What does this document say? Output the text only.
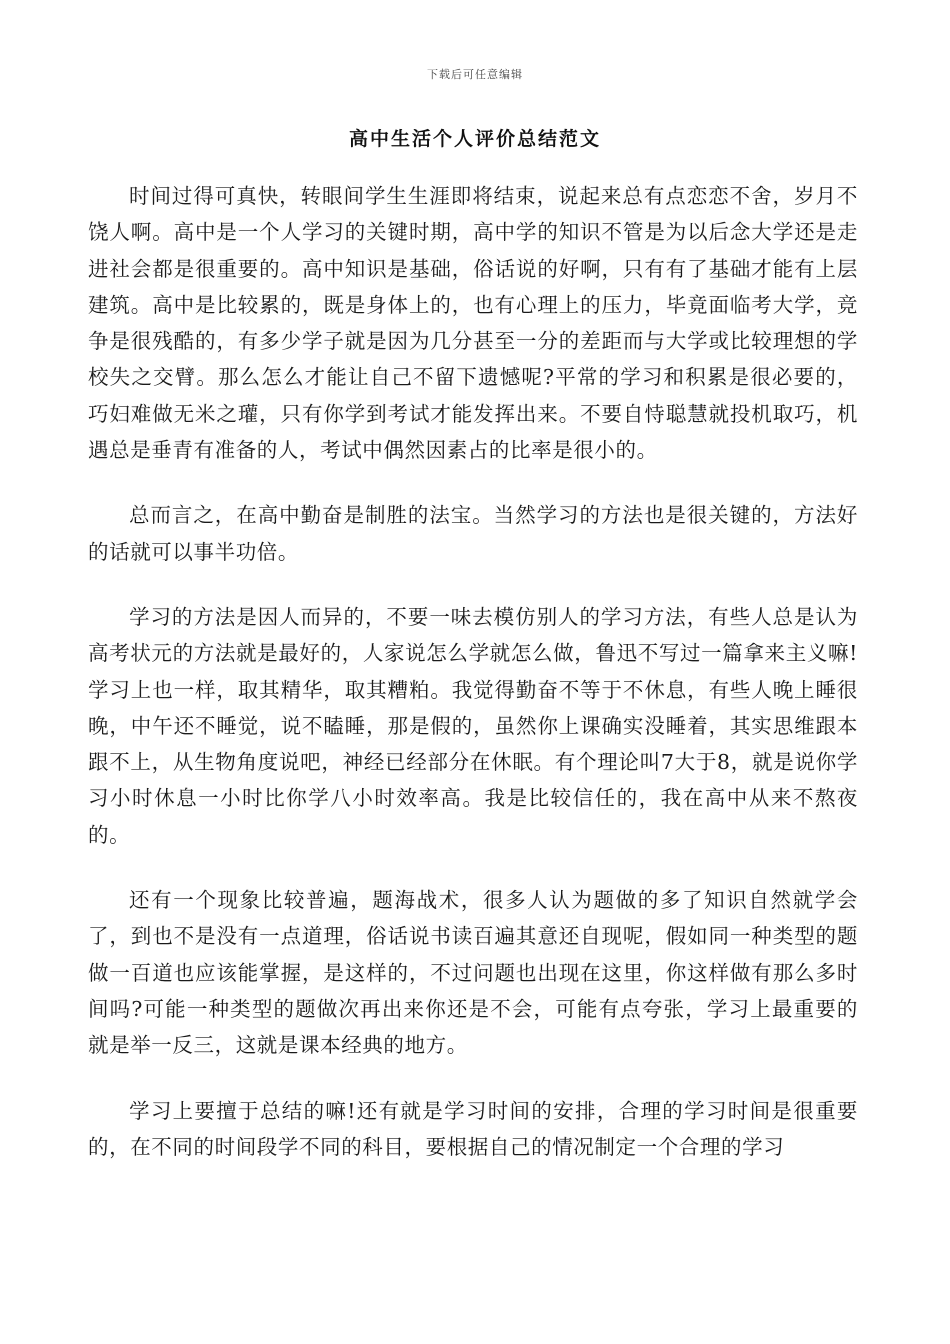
下载后可任意编辑
高中生活个人评价总结范文

时间过得可真快，转眼间学生生涯即将结束，说起来总有点恋恋不舍，岁月不饶人啊。高中是一个人学习的关键时期，高中学的知识不管是为以后念大学还是走进社会都是很重要的。高中知识是基础，俗话说的好啊，只有有了基础才能有上层建筑。高中是比较累的，既是身体上的，也有心理上的压力，毕竟面临考大学，竞争是很残酷的，有多少学子就是因为几分甚至一分的差距而与大学或比较理想的学校失之交臂。那么怎么才能让自己不留下遗憾呢?平常的学习和积累是很必要的，巧妇难做无米之瓘，只有你学到考试才能发挥出来。不要自恃聪慧就投机取巧，机遇总是垂青有准备的人，考试中偶然因素占的比率是很小的。

总而言之，在高中勤奋是制胜的法宝。当然学习的方法也是很关键的，方法好的话就可以事半功倍。

学习的方法是因人而异的，不要一味去模仿别人的学习方法，有些人总是认为高考状元的方法就是最好的，人家说怎么学就怎么做，鲁迅不写过一篇拿来主义嘛!学习上也一样，取其精华，取其糟粕。我觉得勤奋不等于不休息，有些人晚上睡很晚，中午还不睡觉，说不瞌睡，那是假的，虽然你上课确实没睡着，其实思维跟本跟不上，从生物角度说吧，神经已经部分在休眠。有个理论叫7大于8，就是说你学习小时休息一小时比你学八小时效率高。我是比较信任的，我在高中从来不熬夜的。

还有一个现象比较普遍，题海战术，很多人认为题做的多了知识自然就学会了，到也不是没有一点道理，俗话说书读百遍其意还自现呢，假如同一种类型的题做一百道也应该能掌握，是这样的，不过问题也出现在这里，你这样做有那么多时间吗?可能一种类型的题做次再出来你还是不会，可能有点夸张，学习上最重要的就是举一反三，这就是课本经典的地方。

学习上要擅于总结的嘛!还有就是学习时间的安排，合理的学习时间是很重要的，在不同的时间段学不同的科目，要根据自己的情况制定一个合理的学习
